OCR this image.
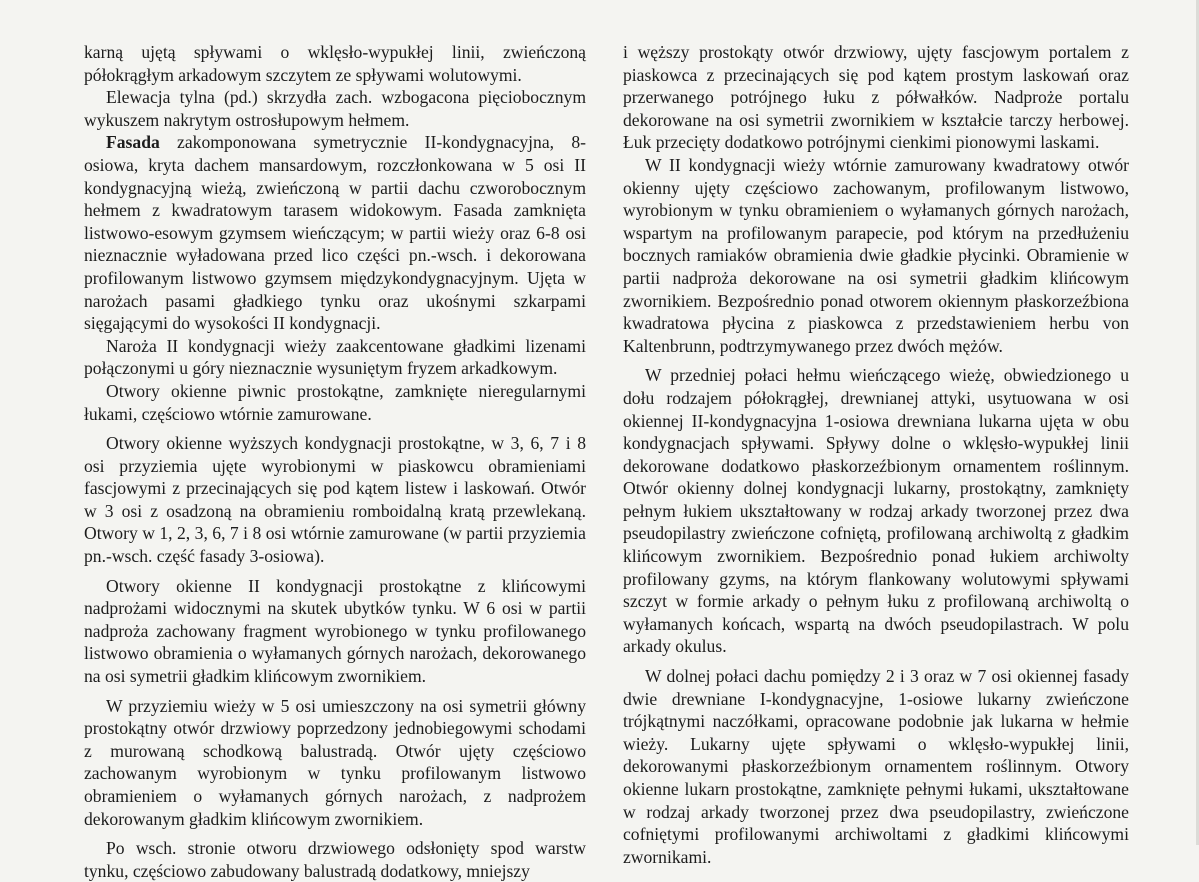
karną ujętą spływami o wklęsło-wypukłej linii, zwieńczoną półokrągłym arkadowym szczytem ze spływami wolutowymi.

Elewacja tylna (pd.) skrzydła zach. wzbogacona pięciobocznym wykuszem nakrytym ostrosłupowym hełmem.

Fasada zakomponowana symetrycznie II-kondygnacyjna, 8-osiowa, kryta dachem mansardowym, rozczłonkowana w 5 osi II kondygnacyjną wieżą, zwieńczoną w partii dachu czworobocznym hełmem z kwadratowym tarasem widokowym. Fasada zamknięta listwowo-esowym gzymsem wieńczącym; w partii wieży oraz 6-8 osi nieznacznie wyładowana przed lico części pn.-wsch. i dekorowana profilowanym listwowo gzymsem międzykondygnacyjnym. Ujęta w narożach pasami gładkiego tynku oraz ukośnymi szkarpami sięgającymi do wysokości II kondygnacji.

Naroża II kondygnacji wieży zaakcentowane gładkimi lizenami połączonymi u góry nieznacznie wysuniętym fryzem arkadkowym.

Otwory okienne piwnic prostokątne, zamknięte nieregularnymi łukami, częściowo wtórnie zamurowane.

Otwory okienne wyższych kondygnacji prostokątne, w 3, 6, 7 i 8 osi przyziemia ujęte wyrobionymi w piaskowcu obramieniami fascjowymi z przecinających się pod kątem listew i laskowań. Otwór w 3 osi z osadzoną na obramieniu romboidalną kratą przewlekaną. Otwory w 1, 2, 3, 6, 7 i 8 osi wtórnie zamurowane (w partii przyziemia pn.-wsch. część fasady 3-osiowa).

Otwory okienne II kondygnacji prostokątne z klińcowymi nadprożami widocznymi na skutek ubytków tynku. W 6 osi w partii nadproża zachowany fragment wyrobionego w tynku profilowanego listwowo obramienia o wyłamanych górnych narożach, dekorowanego na osi symetrii gładkim klińcowym zwornikiem.

W przyziemiu wieży w 5 osi umieszczony na osi symetrii główny prostokątny otwór drzwiowy poprzedzony jednobiegowymi schodami z murowaną schodkową balustradą. Otwór ujęty częściowo zachowanym wyrobionym w tynku profilowanym listwowo obramieniem o wyłamanych górnych narożach, z nadprożem dekorowanym gładkim klińcowym zwornikiem.

Po wsch. stronie otworu drzwiowego odsłonięty spod warstw tynku, częściowo zabudowany balustradą dodatkowy, mniejszy

i węższy prostokąty otwór drzwiowy, ujęty fascjowym portalem z piaskowca z przecinających się pod kątem prostym laskowań oraz przerwanego potrójnego łuku z półwałków. Nadproże portalu dekorowane na osi symetrii zwornikiem w kształcie tarczy herbowej. Łuk przecięty dodatkowo potrójnymi cienkimi pionowymi laskami.

W II kondygnacji wieży wtórnie zamurowany kwadratowy otwór okienny ujęty częściowo zachowanym, profilowanym listwowo, wyrobionym w tynku obramieniem o wyłamanych górnych narożach, wspartym na profilowanym parapecie, pod którym na przedłużeniu bocznych ramiaków obramienia dwie gładkie płycinki. Obramienie w partii nadproża dekorowane na osi symetrii gładkim klińcowym zwornikiem. Bezpośrednio ponad otworem okiennym płaskorzeźbiona kwadratowa płycina z piaskowca z przedstawieniem herbu von Kaltenbrunn, podtrzymywanego przez dwóch mężów.

W przedniej połaci hełmu wieńczącego wieżę, obwiedzionego u dołu rodzajem półokrągłej, drewnianej attyki, usytuowana w osi okiennej II-kondygnacyjna 1-osiowa drewniana lukarna ujęta w obu kondygnacjach spływami. Spływy dolne o wklęsło-wypukłej linii dekorowane dodatkowo płaskorzeźbionym ornamentem roślinnym. Otwór okienny dolnej kondygnacji lukarny, prostokątny, zamknięty pełnym łukiem ukształtowany w rodzaj arkady tworzonej przez dwa pseudopilastry zwieńczone cofniętą, profilowaną archiwoltą z gładkim klińcowym zwornikiem. Bezpośrednio ponad łukiem archiwolty profilowany gzyms, na którym flankowany wolutowymi spływami szczyt w formie arkady o pełnym łuku z profilowaną archiwoltą o wyłamanych końcach, wspartą na dwóch pseudopilastrach. W polu arkady okulus.

W dolnej połaci dachu pomiędzy 2 i 3 oraz w 7 osi okiennej fasady dwie drewniane I-kondygnacyjne, 1-osiowe lukarny zwieńczone trójkątnymi naczółkami, opracowane podobnie jak lukarna w hełmie wieży. Lukarny ujęte spływami o wklęsło-wypukłej linii, dekorowanymi płaskorzeźbionym ornamentem roślinnym. Otwory okienne lukarn prostokątne, zamknięte pełnymi łukami, ukształtowane w rodzaj arkady tworzonej przez dwa pseudopilastry, zwieńczone cofniętymi profilowanymi archiwoltami z gładkimi klińcowymi zwornikami.
